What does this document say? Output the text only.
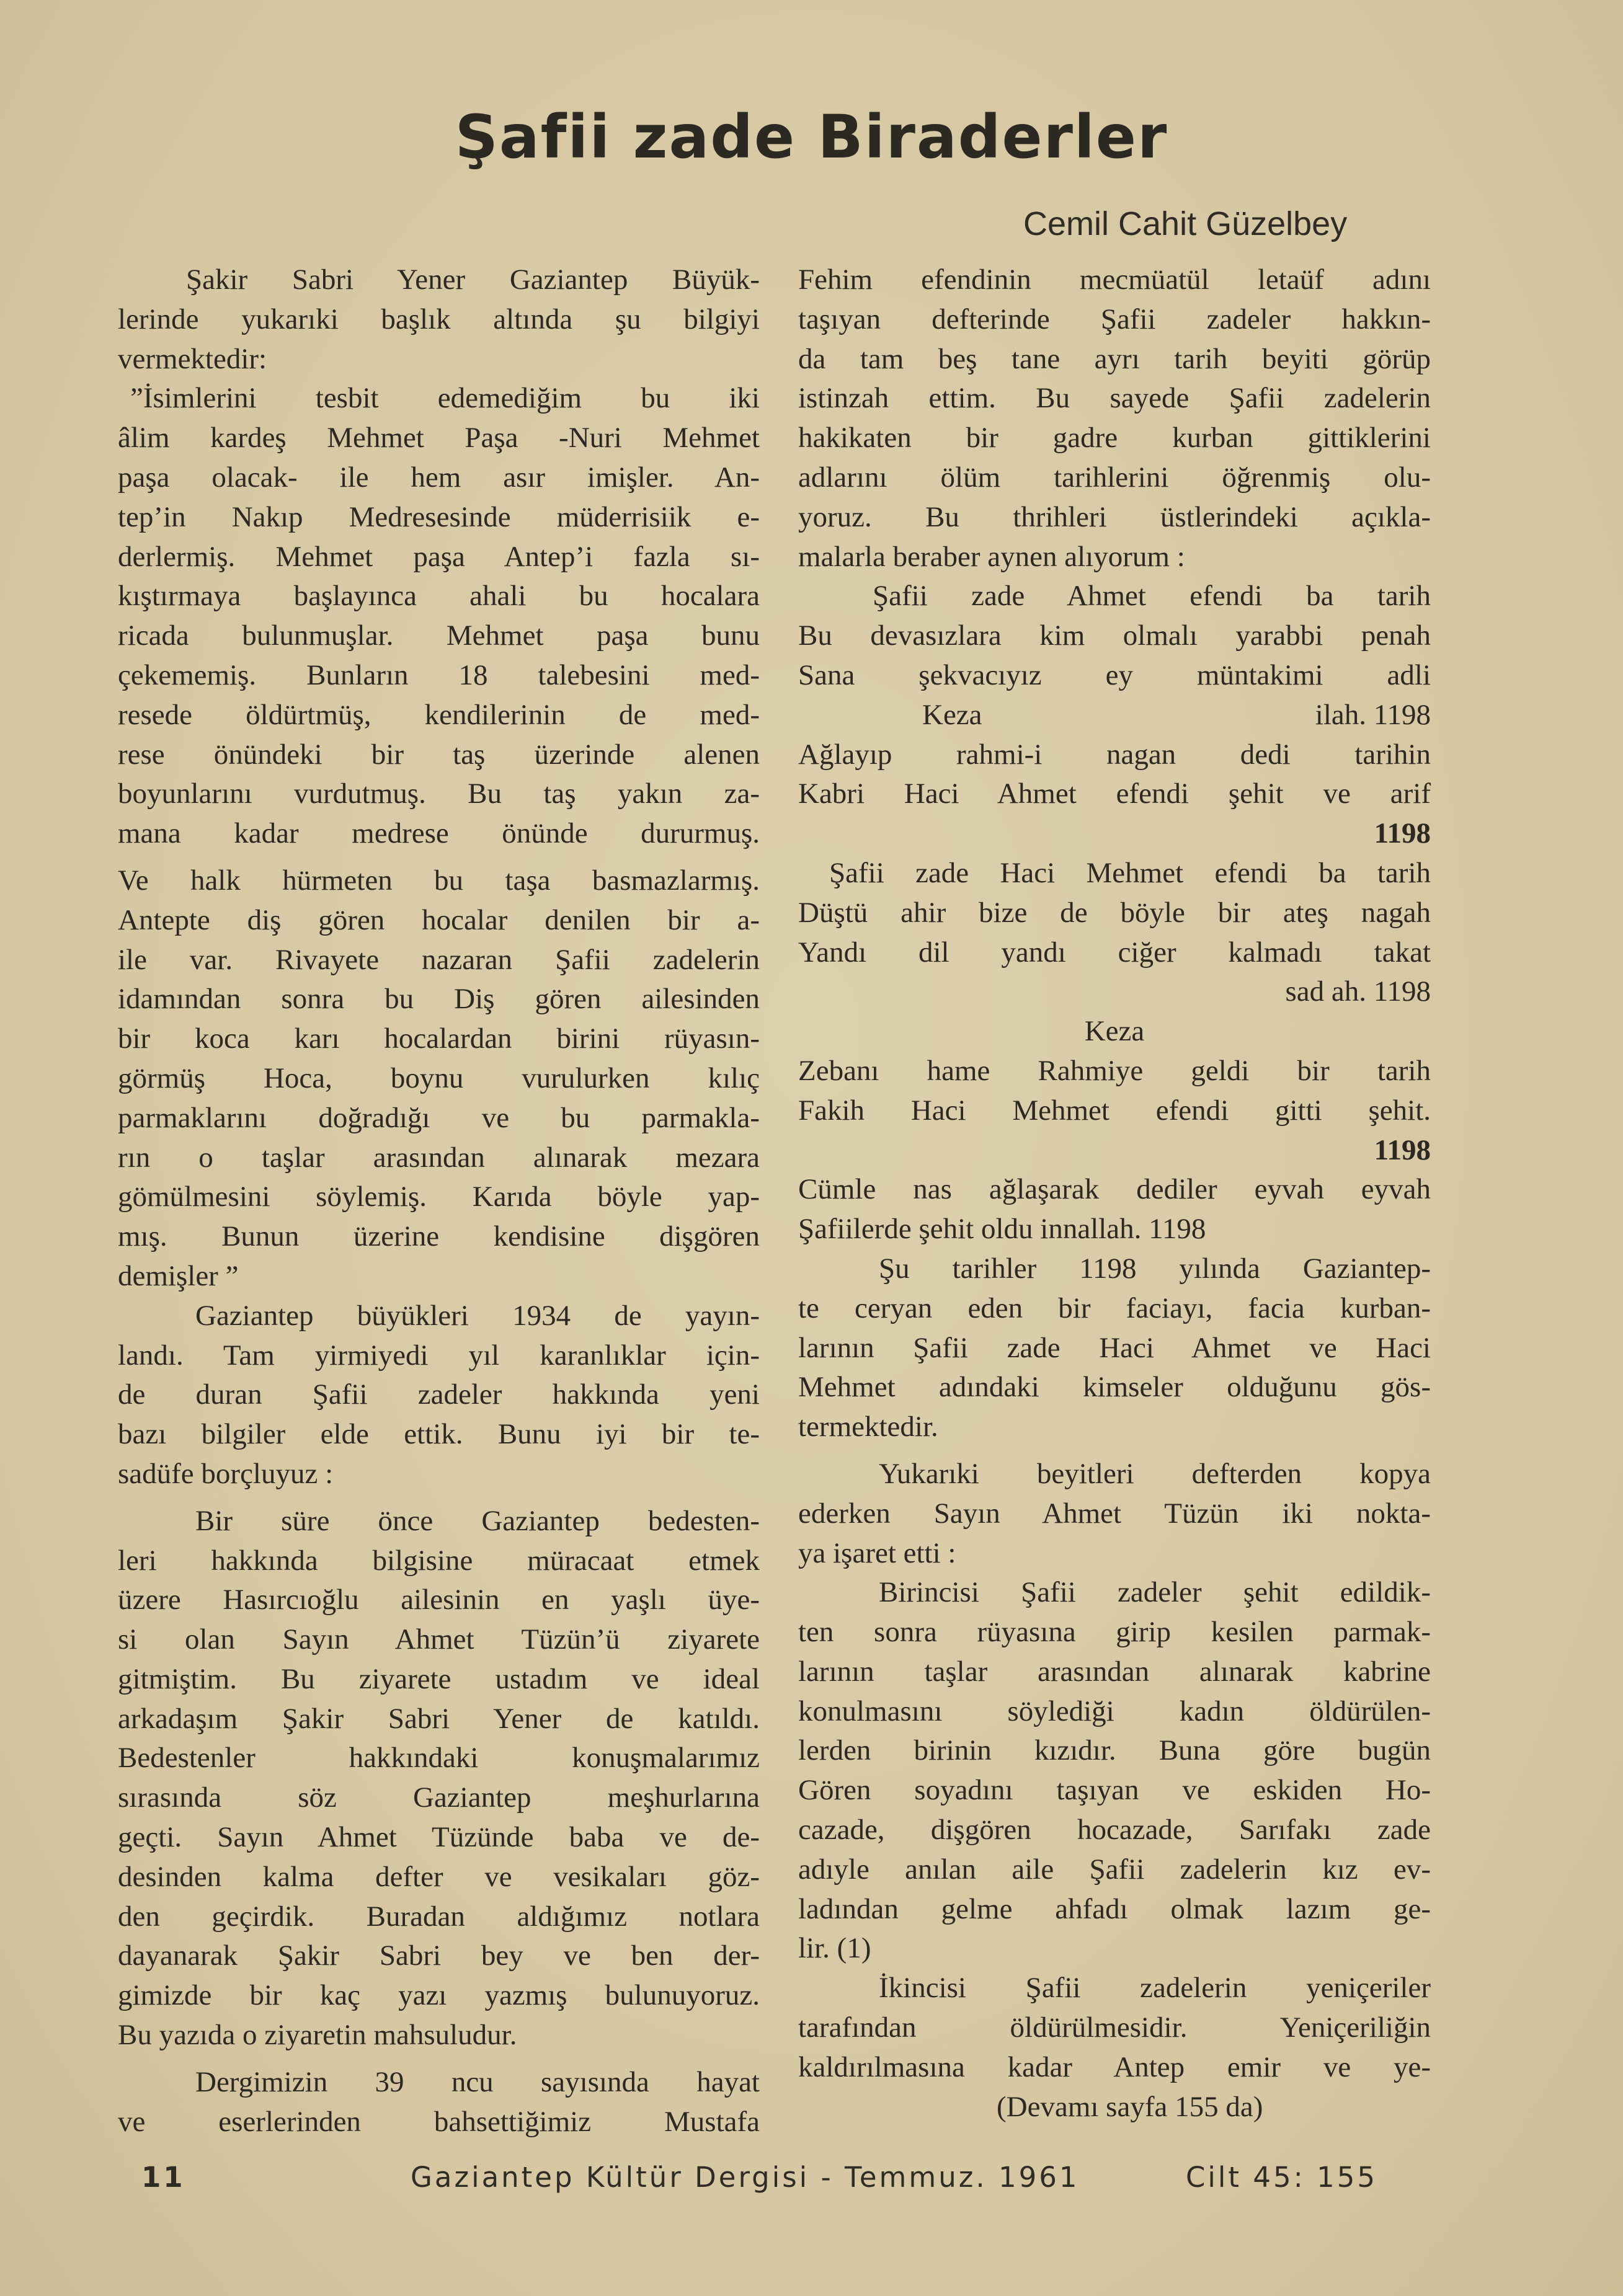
Şafii zade Biraderler
Cemil Cahit Güzelbey
Şakir Sabri Yener Gaziantep Büyük-
lerinde yukarıki başlık altında şu bilgiyi
vermektedir:
”İsimlerini tesbit edemediğim bu iki
âlim kardeş Mehmet Paşa -Nuri Mehmet
paşa olacak- ile hem asır imişler. An-
tep’in Nakıp Medresesinde müderrisiik e-
derlermiş. Mehmet paşa Antep’i fazla sı-
kıştırmaya başlayınca ahali bu hocalara
ricada bulunmuşlar. Mehmet paşa bunu
çekememiş. Bunların 18 talebesini med-
resede öldürtmüş, kendilerinin de med-
rese önündeki bir taş üzerinde alenen
boyunlarını vurdutmuş. Bu taş yakın za-
mana kadar medrese önünde dururmuş.
Ve halk hürmeten bu taşa basmazlarmış.
Antepte diş gören hocalar denilen bir a-
ile var. Rivayete nazaran Şafii zadelerin
idamından sonra bu Diş gören ailesinden
bir koca karı hocalardan birini rüyasın-
görmüş Hoca, boynu vurulurken kılıç
parmaklarını doğradığı ve bu parmakla-
rın o taşlar arasından alınarak mezara
gömülmesini söylemiş. Karıda böyle yap-
mış. Bunun üzerine kendisine dişgören
demişler ”
Gaziantep büyükleri 1934 de yayın-
landı. Tam yirmiyedi yıl karanlıklar için-
de duran Şafii zadeler hakkında yeni
bazı bilgiler elde ettik. Bunu iyi bir te-
sadüfe borçluyuz :
Bir süre önce Gaziantep bedesten-
leri hakkında bilgisine müracaat etmek
üzere Hasırcıoğlu ailesinin en yaşlı üye-
si olan Sayın Ahmet Tüzün’ü ziyarete
gitmiştim. Bu ziyarete ustadım ve ideal
arkadaşım Şakir Sabri Yener de katıldı.
Bedestenler hakkındaki konuşmalarımız
sırasında söz Gaziantep meşhurlarına
geçti. Sayın Ahmet Tüzünde baba ve de-
desinden kalma defter ve vesikaları göz-
den geçirdik. Buradan aldığımız notlara
dayanarak Şakir Sabri bey ve ben der-
gimizde bir kaç yazı yazmış bulunuyoruz.
Bu yazıda o ziyaretin mahsuludur.
Dergimizin 39 ncu sayısında hayat
ve eserlerinden bahsettiğimiz Mustafa
Fehim efendinin mecmüatül letaüf adını
taşıyan defterinde Şafii zadeler hakkın-
da tam beş tane ayrı tarih beyiti görüp
istinzah ettim. Bu sayede Şafii zadelerin
hakikaten bir gadre kurban gittiklerini
adlarını ölüm tarihlerini öğrenmiş olu-
yoruz. Bu thrihleri üstlerindeki açıkla-
malarla beraber aynen alıyorum :
Şafii zade Ahmet efendi ba tarih
Bu devasızlara kim olmalı yarabbi penah
Sana şekvacıyız ey müntakimi adli
Keza	ilah. 1198
Ağlayıp rahmi-i nagan dedi tarihin
Kabri Haci Ahmet efendi şehit ve arif
1198
Şafii zade Haci Mehmet efendi ba tarih
Düştü ahir bize de böyle bir ateş nagah
Yandı dil yandı ciğer kalmadı takat
sad ah. 1198
Keza
Zebanı hame Rahmiye geldi bir tarih
Fakih Haci Mehmet efendi gitti şehit.
1198
Cümle nas ağlaşarak dediler eyvah eyvah
Şafiilerde şehit oldu innallah. 1198
Şu tarihler 1198 yılında Gaziantep-
te ceryan eden bir faciayı, facia kurban-
larının Şafii zade Haci Ahmet ve Haci
Mehmet adındaki kimseler olduğunu gös-
termektedir.
Yukarıki beyitleri defterden kopya
ederken Sayın Ahmet Tüzün iki nokta-
ya işaret etti :
Birincisi Şafii zadeler şehit edildik-
ten sonra rüyasına girip kesilen parmak-
larının taşlar arasından alınarak kabrine
konulmasını söylediği kadın öldürülen-
lerden birinin kızıdır. Buna göre bugün
Gören soyadını taşıyan ve eskiden Ho-
cazade, dişgören hocazade, Sarıfakı zade
adıyle anılan aile Şafii zadelerin kız ev-
ladından gelme ahfadı olmak lazım ge-
lir. (1)
İkincisi Şafii zadelerin yeniçeriler
tarafından öldürülmesidir. Yeniçeriliğin
kaldırılmasına kadar Antep emir ve ye-
(Devamı sayfa 155 da)
11	Gaziantep Kültür Dergisi - Temmuz. 1961	Cilt 45: 155
